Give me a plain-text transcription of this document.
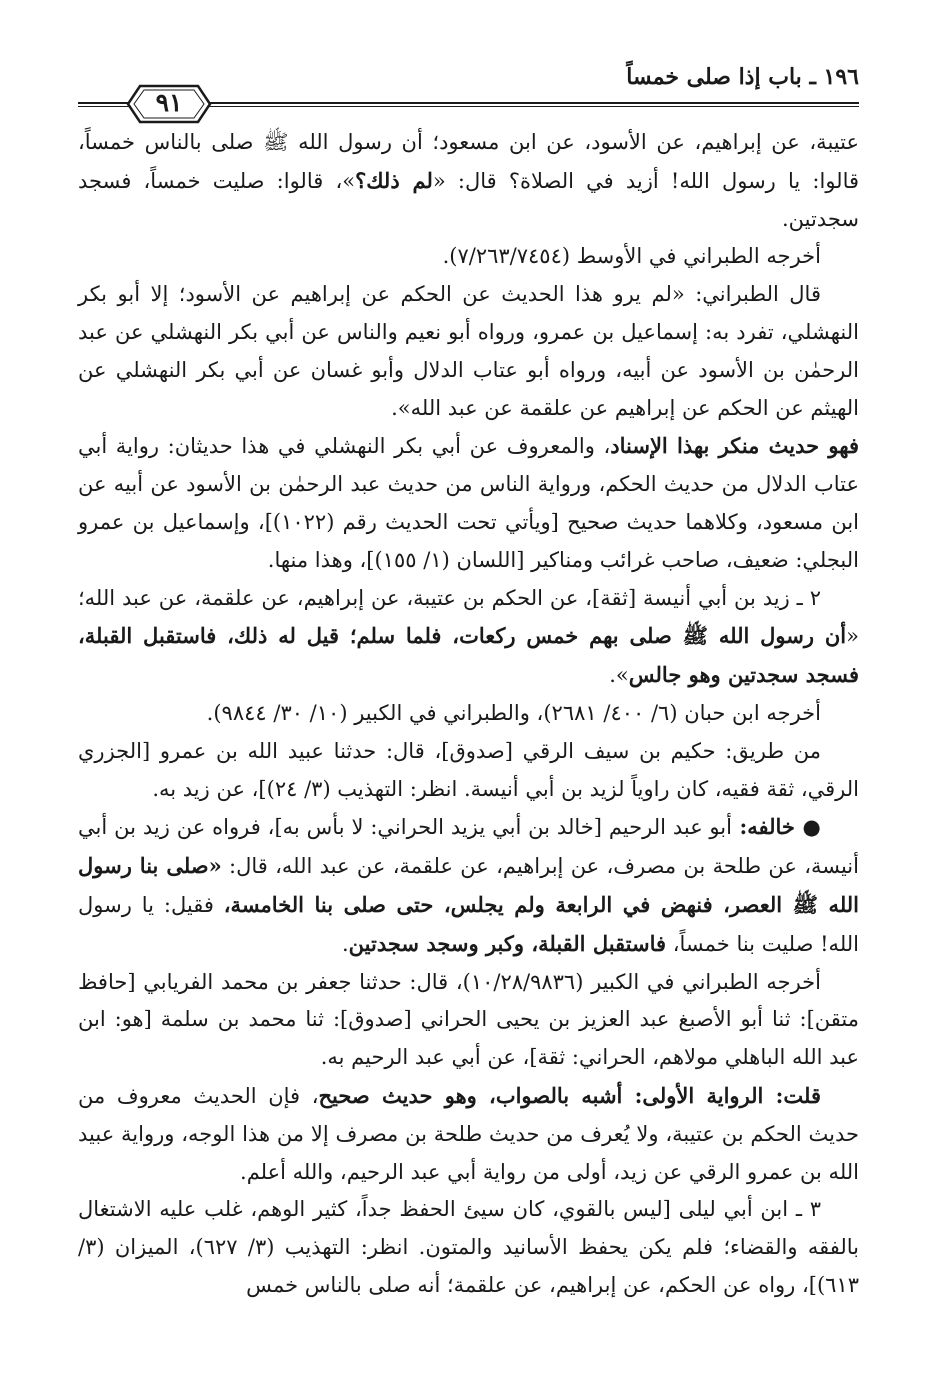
١٩٦ ـ باب إذا صلى خمساً
٩١

عتيبة، عن إبراهيم، عن الأسود، عن ابن مسعود؛ أن رسول الله ﷺ صلى بالناس خمساً، قالوا: يا رسول الله! أزيد في الصلاة؟ قال: «لم ذلك؟»، قالوا: صليت خمساً، فسجد سجدتين.

أخرجه الطبراني في الأوسط (٧/٢٦٣/٧٤٥٤).

قال الطبراني: «لم يرو هذا الحديث عن الحكم عن إبراهيم عن الأسود؛ إلا أبو بكر النهشلي، تفرد به: إسماعيل بن عمرو، ورواه أبو نعيم والناس عن أبي بكر النهشلي عن عبد الرحمٰن بن الأسود عن أبيه، ورواه أبو عتاب الدلال وأبو غسان عن أبي بكر النهشلي عن الهيثم عن الحكم عن إبراهيم عن علقمة عن عبد الله».

فهو حديث منكر بهذا الإسناد، والمعروف عن أبي بكر النهشلي في هذا حديثان: رواية أبي عتاب الدلال من حديث الحكم، ورواية الناس من حديث عبد الرحمٰن بن الأسود عن أبيه عن ابن مسعود، وكلاهما حديث صحيح [ويأتي تحت الحديث رقم (١٠٢٢)]، وإسماعيل بن عمرو البجلي: ضعيف، صاحب غرائب ومناكير [اللسان (١/ ١٥٥)]، وهذا منها.

٢ ـ زيد بن أبي أنيسة [ثقة]، عن الحكم بن عتيبة، عن إبراهيم، عن علقمة، عن عبد الله؛ «أن رسول الله ﷺ صلى بهم خمس ركعات، فلما سلم؛ قيل له ذلك، فاستقبل القبلة، فسجد سجدتين وهو جالس».

أخرجه ابن حبان (٦/ ٤٠٠/ ٢٦٨١)، والطبراني في الكبير (١٠/ ٣٠/ ٩٨٤٤).

من طريق: حكيم بن سيف الرقي [صدوق]، قال: حدثنا عبيد الله بن عمرو [الجزري الرقي، ثقة فقيه، كان راوياً لزيد بن أبي أنيسة. انظر: التهذيب (٣/ ٢٤)]، عن زيد به.

● خالفه: أبو عبد الرحيم [خالد بن أبي يزيد الحراني: لا بأس به]، فرواه عن زيد بن أبي أنيسة، عن طلحة بن مصرف، عن إبراهيم، عن علقمة، عن عبد الله، قال: «صلى بنا رسول الله ﷺ العصر، فنهض في الرابعة ولم يجلس، حتى صلى بنا الخامسة، فقيل: يا رسول الله! صليت بنا خمساً، فاستقبل القبلة، وكبر وسجد سجدتين.

أخرجه الطبراني في الكبير (١٠/٢٨/٩٨٣٦)، قال: حدثنا جعفر بن محمد الفريابي [حافظ متقن]: ثنا أبو الأصبغ عبد العزيز بن يحيى الحراني [صدوق]: ثنا محمد بن سلمة [هو: ابن عبد الله الباهلي مولاهم، الحراني: ثقة]، عن أبي عبد الرحيم به.

قلت: الرواية الأولى: أشبه بالصواب، وهو حديث صحيح، فإن الحديث معروف من حديث الحكم بن عتيبة، ولا يُعرف من حديث طلحة بن مصرف إلا من هذا الوجه، ورواية عبيد الله بن عمرو الرقي عن زيد، أولى من رواية أبي عبد الرحيم، والله أعلم.

٣ ـ ابن أبي ليلى [ليس بالقوي، كان سيئ الحفظ جداً، كثير الوهم، غلب عليه الاشتغال بالفقه والقضاء؛ فلم يكن يحفظ الأسانيد والمتون. انظر: التهذيب (٣/ ٦٢٧)، الميزان (٣/ ٦١٣)]، رواه عن الحكم، عن إبراهيم، عن علقمة؛ أنه صلى بالناس خمس
